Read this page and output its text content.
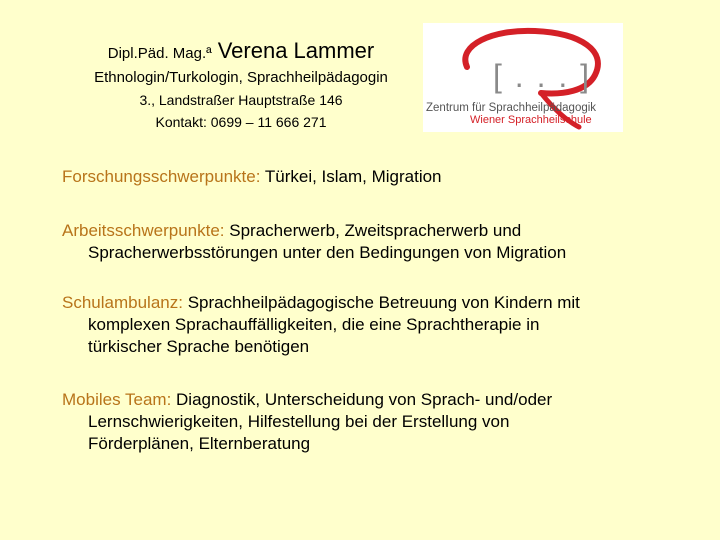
Dipl.Päd. Mag.ª Verena Lammer
Ethnologin/Turkologin, Sprachheilpädagogin
3., Landstraßer Hauptstraße 146
Kontakt: 0699 – 11 666 271
[ . . . ]
Zentrum für Sprachheilpädagogik
Wiener Sprachheilschule
Forschungsschwerpunkte: Türkei, Islam, Migration
Arbeitsschwerpunkte: Spracherwerb, Zweitspracherwerb und
Spracherwerbsstörungen unter den Bedingungen von Migration
Schulambulanz: Sprachheilpädagogische Betreuung von Kindern mit
komplexen Sprachauffälligkeiten, die eine Sprachtherapie in
türkischer Sprache benötigen
Mobiles Team: Diagnostik, Unterscheidung von Sprach- und/oder
Lernschwierigkeiten, Hilfestellung bei der Erstellung von
Förderplänen, Elternberatung
